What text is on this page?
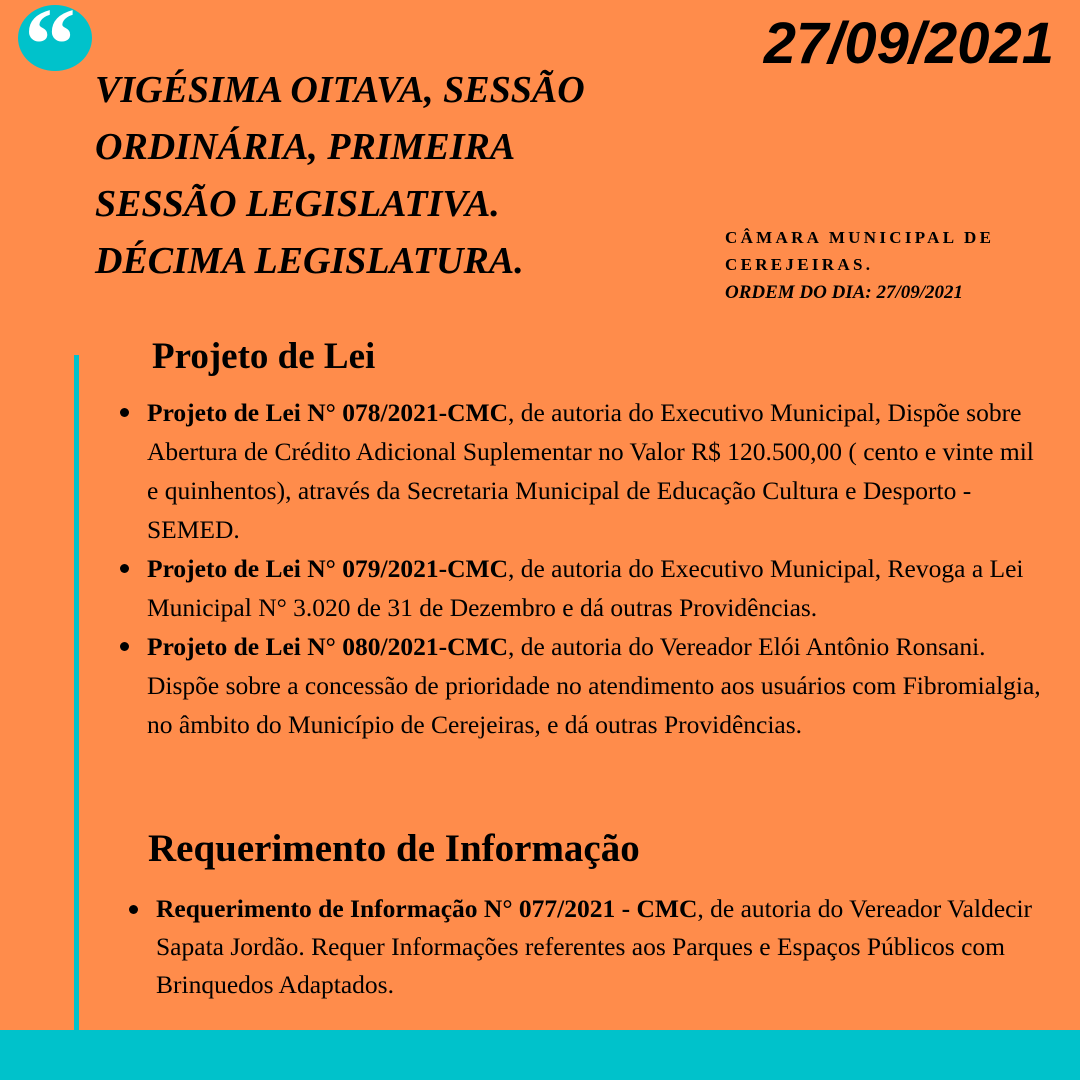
“	27/09/2021
VIGÉSIMA OITAVA, SESSÃO
ORDINÁRIA, PRIMEIRA
SESSÃO LEGISLATIVA.
DÉCIMA LEGISLATURA.
CÂMARA MUNICIPAL DE
CEREJEIRAS.
ORDEM DO DIA: 27/09/2021
Projeto de Lei
Projeto de Lei N° 078/2021-CMC, de autoria do Executivo Municipal, Dispõe sobre Abertura de Crédito Adicional Suplementar no Valor R$ 120.500,00 ( cento e vinte mil e quinhentos), através da Secretaria Municipal de Educação Cultura e Desporto - SEMED.
Projeto de Lei N° 079/2021-CMC, de autoria do Executivo Municipal, Revoga a Lei Municipal N° 3.020 de 31 de Dezembro e dá outras Providências.
Projeto de Lei N° 080/2021-CMC, de autoria do Vereador Elói Antônio Ronsani. Dispõe sobre a concessão de prioridade no atendimento aos usuários com Fibromialgia, no âmbito do Município de Cerejeiras, e dá outras Providências.
Requerimento de Informação
Requerimento de Informação N° 077/2021 - CMC, de autoria do Vereador Valdecir Sapata Jordão. Requer Informações referentes aos Parques e Espaços Públicos com Brinquedos Adaptados.
